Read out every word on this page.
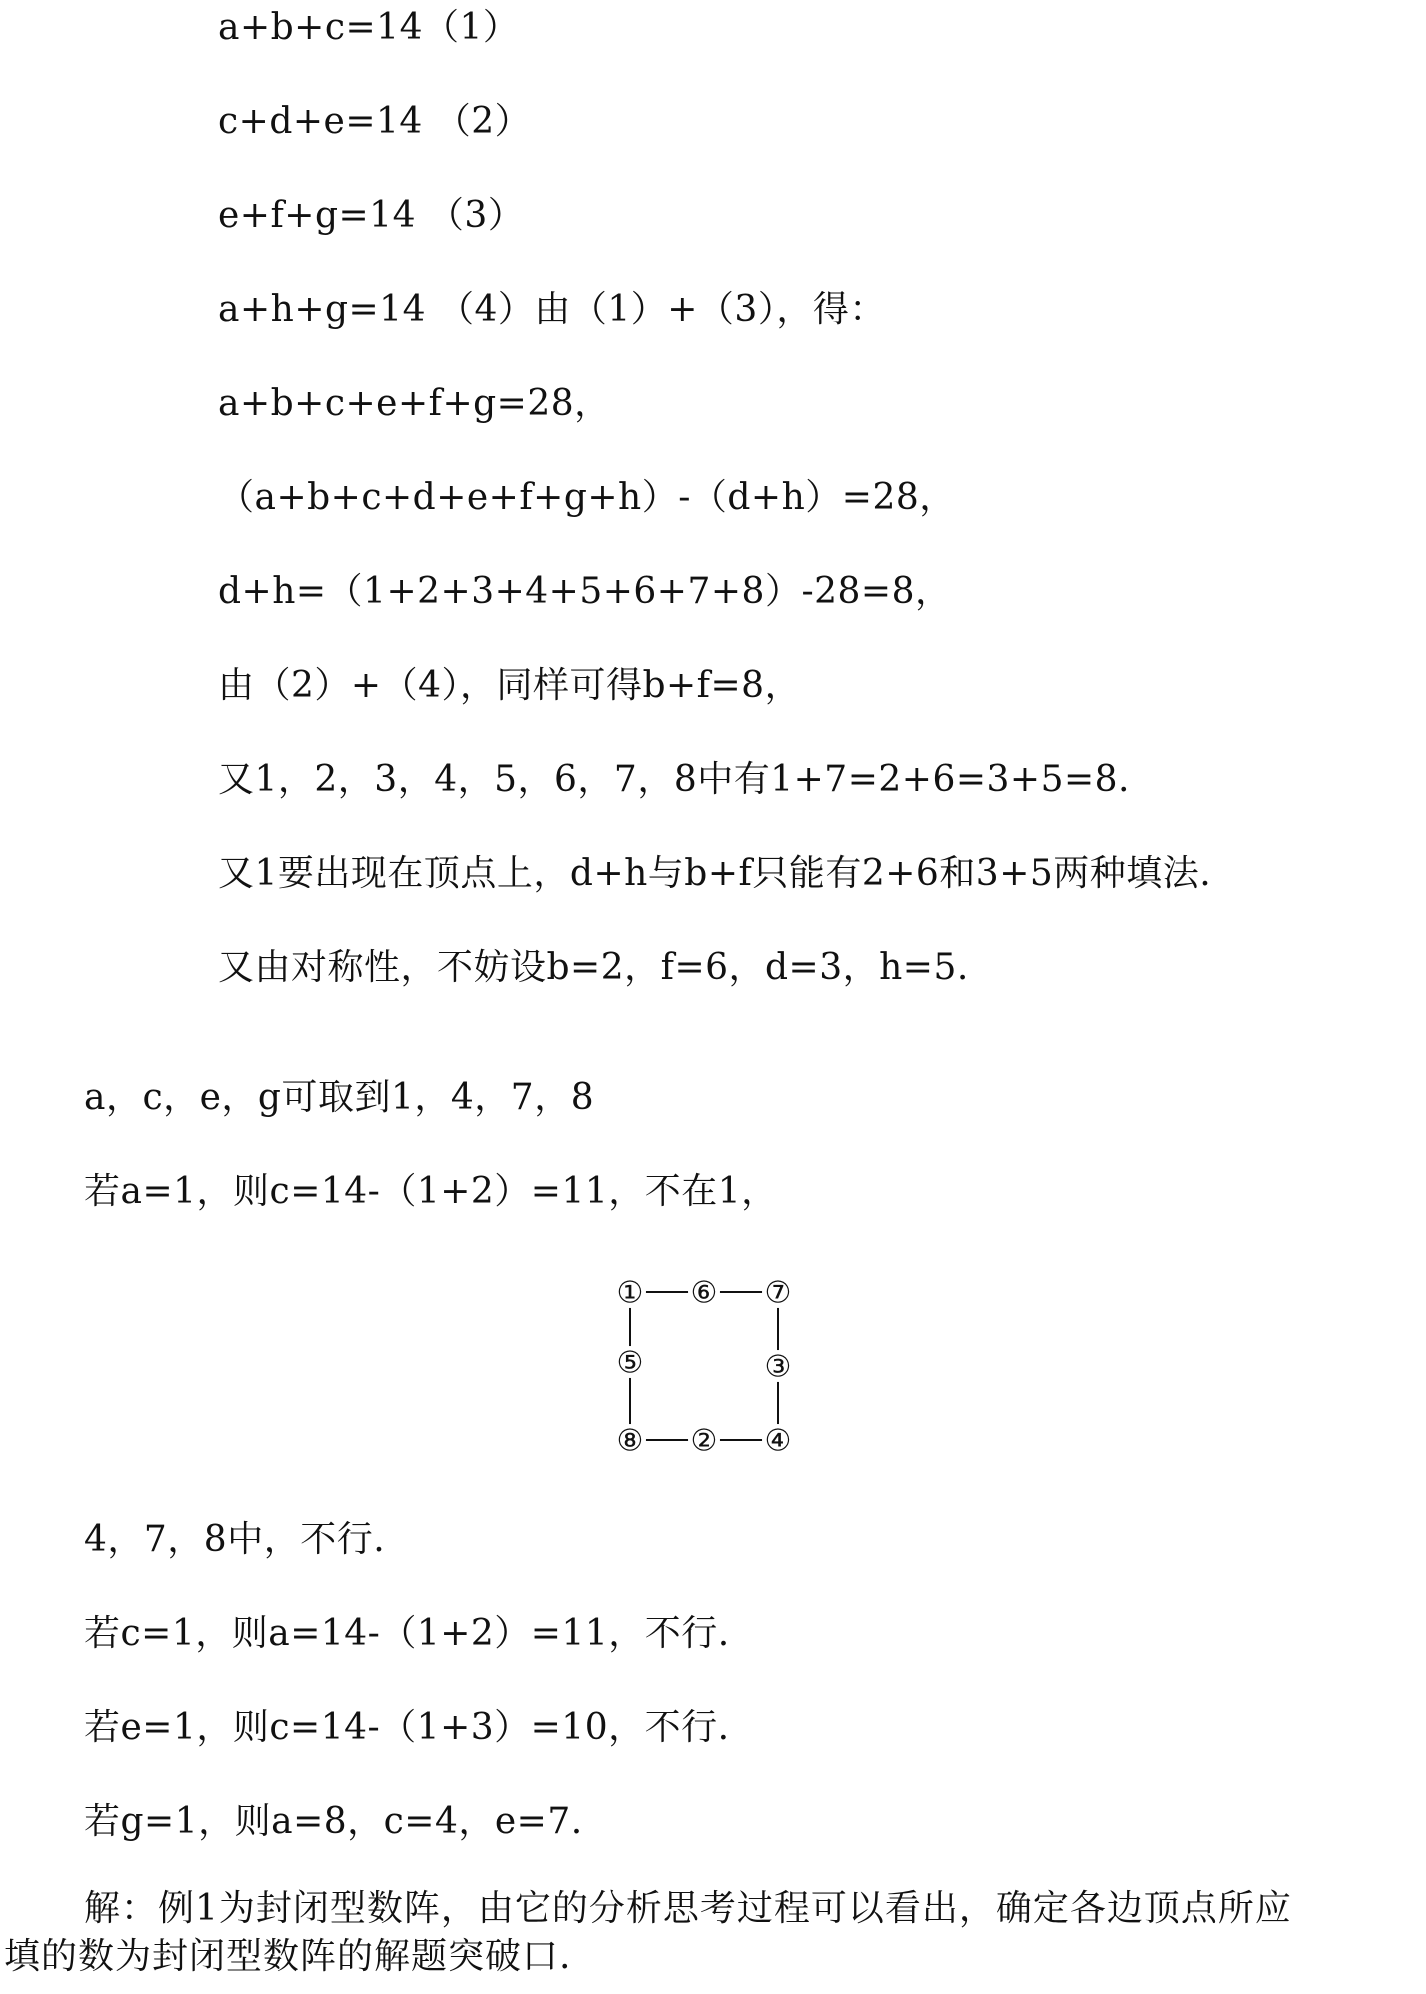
a+b+c=14（1）
c+d+e=14 （2）
e+f+g=14 （3）
a+h+g=14 （4）由（1）+（3），得：
a+b+c+e+f+g=28，
（a+b+c+d+e+f+g+h）-（d+h）=28，
d+h=（1+2+3+4+5+6+7+8）-28=8，
由（2）+（4），同样可得b+f=8，
又1，2，3，4，5，6，7，8中有1+7=2+6=3+5=8.
又1要出现在顶点上，d+h与b+f只能有2+6和3+5两种填法.
又由对称性，不妨设b=2，f=6，d=3，h=5.
a，c，e，g可取到1，4，7，8
若a=1，则c=14-（1+2）=11，不在1，
① ⑥ ⑦
⑤	③
⑧ ② ④
4，7，8中，不行.
若c=1，则a=14-（1+2）=11，不行.
若e=1，则c=14-（1+3）=10，不行.
若g=1，则a=8，c=4，e=7.
解：例1为封闭型数阵，由它的分析思考过程可以看出，确定各边顶点所应
填的数为封闭型数阵的解题突破口.
